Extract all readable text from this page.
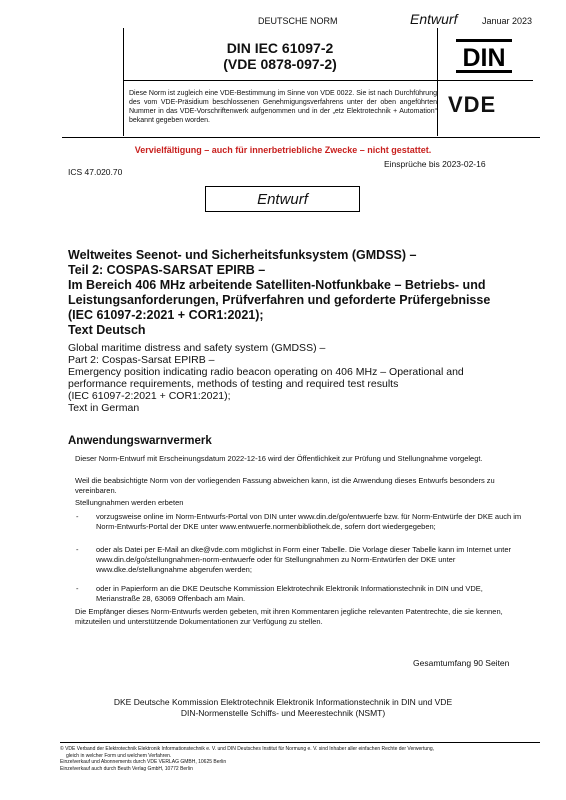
DEUTSCHE NORM	Entwurf	Januar 2023
DIN IEC 61097-2
(VDE 0878-097-2)	DIN
Diese Norm ist zugleich eine VDE-Bestimmung im Sinne von VDE 0022. Sie ist nach Durchführung des vom VDE-Präsidium beschlossenen Genehmigungsverfahrens unter der oben angeführten Nummer in das VDE-Vorschriftenwerk aufgenommen und in der „etz Elektrotechnik + Automation“ bekannt gegeben worden.
VDE
Vervielfältigung – auch für innerbetriebliche Zwecke – nicht gestattet.
Einsprüche bis 2023-02-16
ICS 47.020.70
Entwurf
Weltweites Seenot- und Sicherheitsfunksystem (GMDSS) –
Teil 2: COSPAS-SARSAT EPIRB –
Im Bereich 406 MHz arbeitende Satelliten-Notfunkbake – Betriebs- und
Leistungsanforderungen, Prüfverfahren und geforderte Prüfergebnisse
(IEC 61097-2:2021 + COR1:2021);
Text Deutsch
Global maritime distress and safety system (GMDSS) –
Part 2: Cospas-Sarsat EPIRB –
Emergency position indicating radio beacon operating on 406 MHz – Operational and
performance requirements, methods of testing and required test results
(IEC 61097-2:2021 + COR1:2021);
Text in German
Anwendungswarnvermerk
Dieser Norm-Entwurf mit Erscheinungsdatum 2022-12-16 wird der Öffentlichkeit zur Prüfung und Stellungnahme vorgelegt.
Weil die beabsichtigte Norm von der vorliegenden Fassung abweichen kann, ist die Anwendung dieses Entwurfs besonders zu vereinbaren.
Stellungnahmen werden erbeten
- vorzugsweise online im Norm-Entwurfs-Portal von DIN unter www.din.de/go/entwuerfe bzw. für Norm-Entwürfe der DKE auch im Norm-Entwurfs-Portal der DKE unter www.entwuerfe.normenbibliothek.de, sofern dort wiedergegeben;
- oder als Datei per E-Mail an dke@vde.com möglichst in Form einer Tabelle. Die Vorlage dieser Tabelle kann im Internet unter www.din.de/go/stellungnahmen-norm-entwuerfe oder für Stellungnahmen zu Norm-Entwürfen der DKE unter www.dke.de/stellungnahme abgerufen werden;
- oder in Papierform an die DKE Deutsche Kommission Elektrotechnik Elektronik Informationstechnik in DIN und VDE, Merianstraße 28, 63069 Offenbach am Main.
Die Empfänger dieses Norm-Entwurfs werden gebeten, mit ihren Kommentaren jegliche relevanten Patentrechte, die sie kennen, mitzuteilen und unterstützende Dokumentationen zur Verfügung zu stellen.
Gesamtumfang 90 Seiten
DKE Deutsche Kommission Elektrotechnik Elektronik Informationstechnik in DIN und VDE
DIN-Normenstelle Schiffs- und Meerestechnik (NSMT)
© VDE Verband der Elektrotechnik Elektronik Informationstechnik e. V. und DIN Deutsches Institut für Normung e. V. sind Inhaber aller einfachen Rechte der Verwertung,
gleich in welcher Form und welchem Verfahren.
Einzelverkauf und Abonnements durch VDE VERLAG GMBH, 10625 Berlin
Einzelverkauf auch durch Beuth Verlag GmbH, 10772 Berlin
